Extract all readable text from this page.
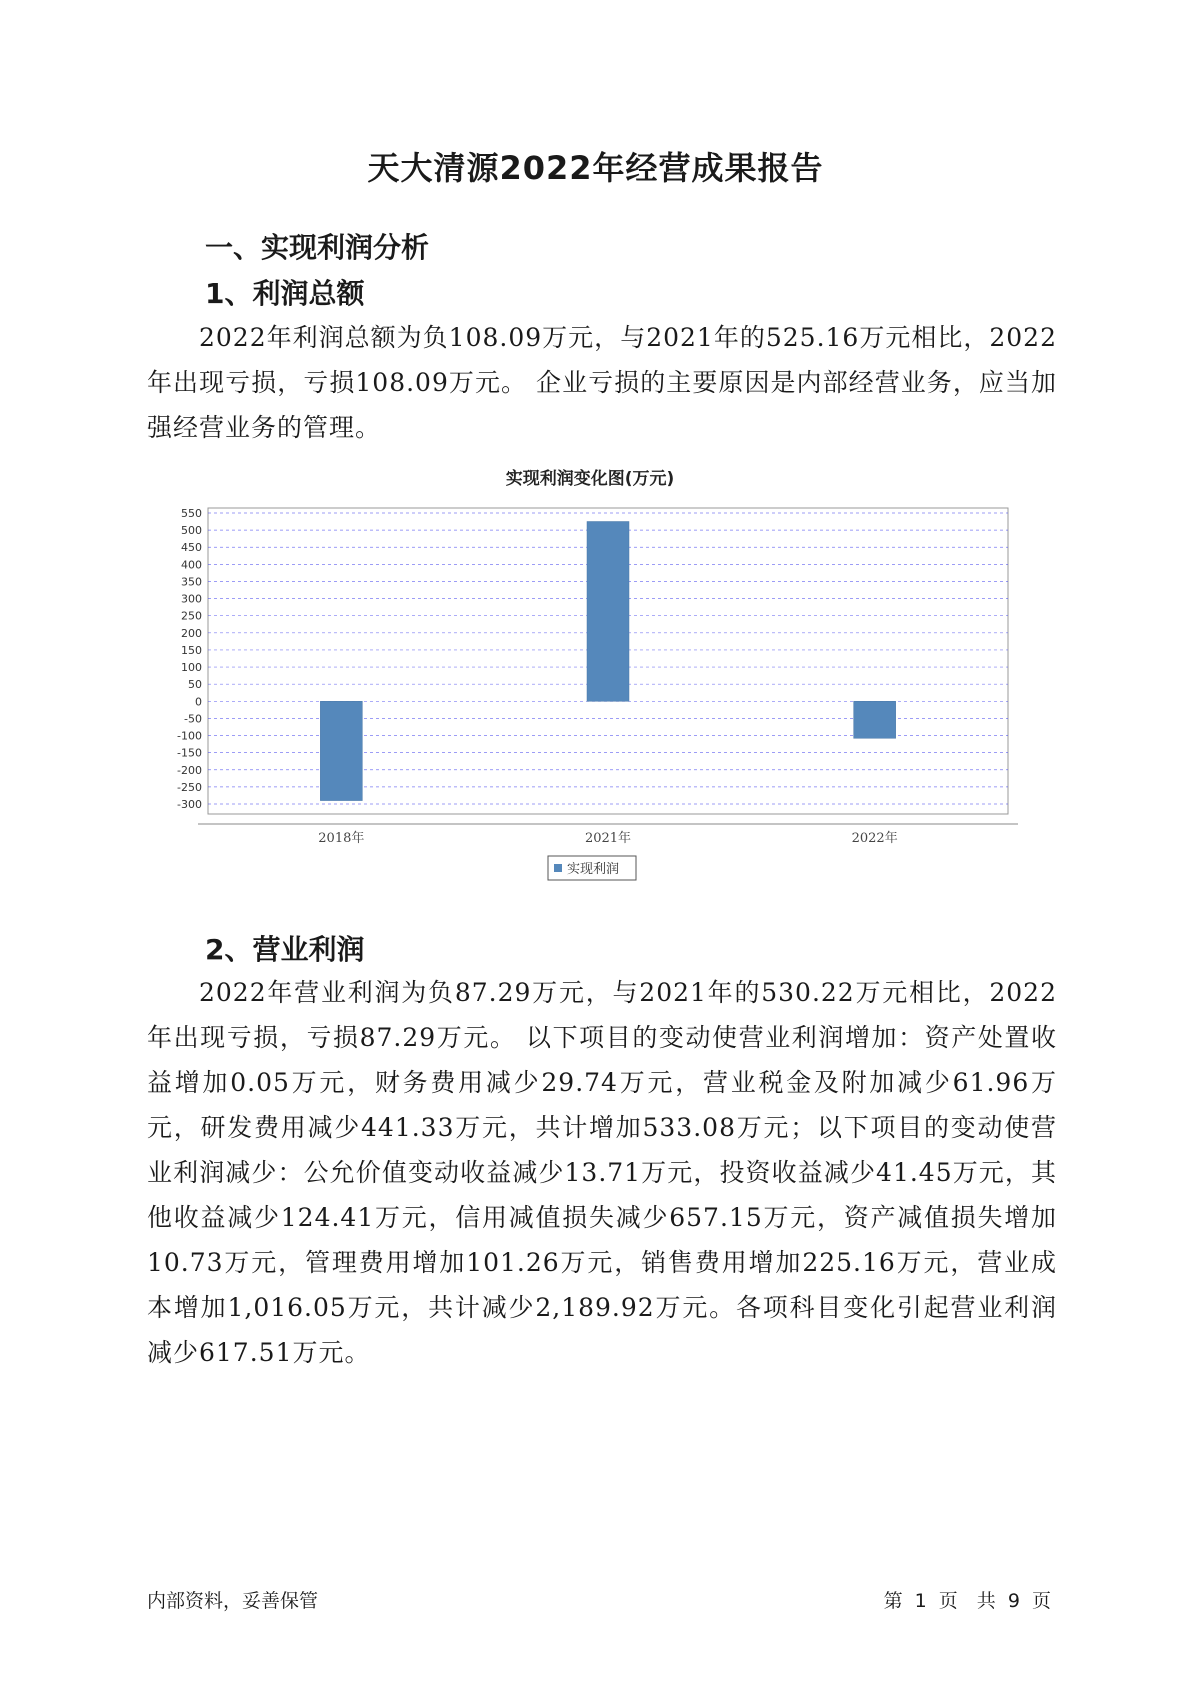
天大清源2022年经营成果报告
一、实现利润分析
1、利润总额
2022年利润总额为负108.09万元，与2021年的525.16万元相比，2022年出现亏损，亏损108.09万元。 企业亏损的主要原因是内部经营业务，应当加强经营业务的管理。
实现利润变化图(万元)
550
500
450
400
350
300
250
200
150
100
50
0
-50
-100
-150
-200
-250
-300
2018年	2021年	2022年
实现利润
2、营业利润
2022年营业利润为负87.29万元，与2021年的530.22万元相比，2022年出现亏损，亏损87.29万元。 以下项目的变动使营业利润增加：资产处置收益增加0.05万元，财务费用减少29.74万元，营业税金及附加减少61.96万元，研发费用减少441.33万元，共计增加533.08万元；以下项目的变动使营业利润减少：公允价值变动收益减少13.71万元，投资收益减少41.45万元，其他收益减少124.41万元，信用减值损失减少657.15万元，资产减值损失增加10.73万元，管理费用增加101.26万元，销售费用增加225.16万元，营业成本增加1,016.05万元，共计减少2,189.92万元。各项科目变化引起营业利润减少617.51万元。
内部资料，妥善保管	第 1 页　共 9 页
